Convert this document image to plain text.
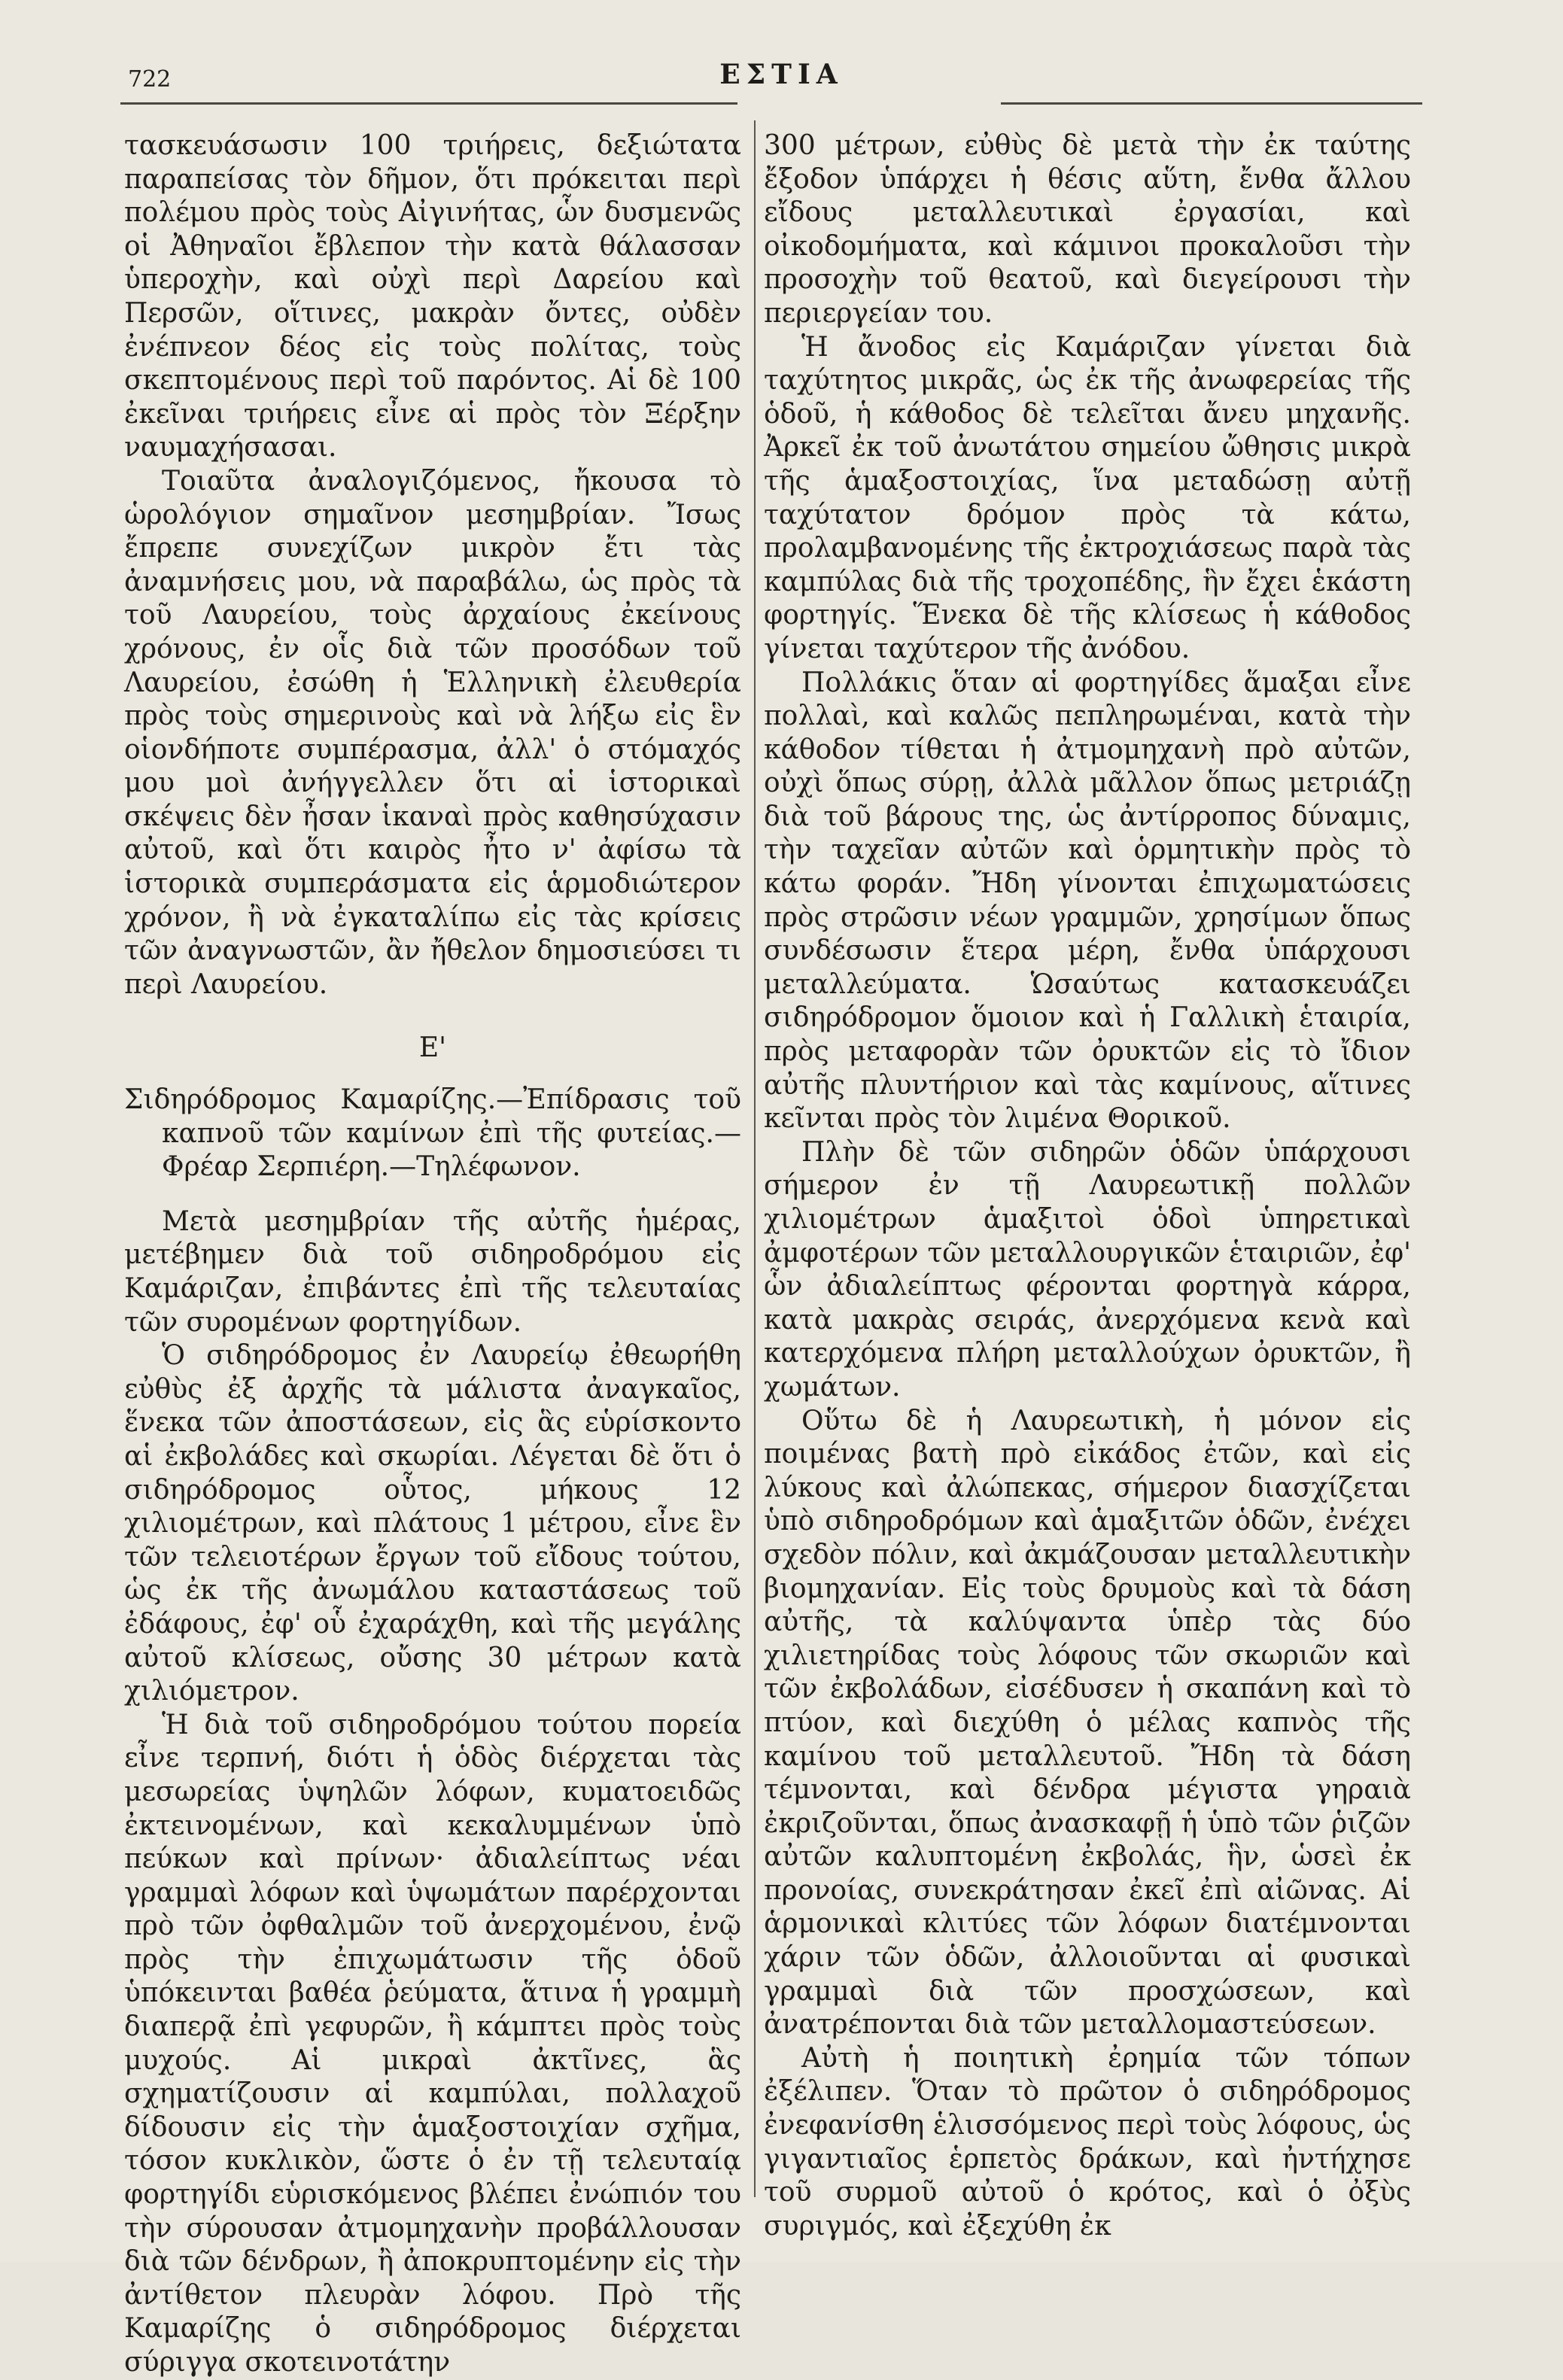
722	ΕΣΤΙΑ

τασκευάσωσιν 100 τριήρεις, δεξιώτατα παραπείσας τὸν δῆμον, ὅτι πρόκειται περὶ πολέμου πρὸς τοὺς Αἰγινήτας, ὧν δυσμενῶς οἱ Ἀθηναῖοι ἔβλεπον τὴν κατὰ θάλασσαν ὑπεροχὴν, καὶ οὐχὶ περὶ Δαρείου καὶ Περσῶν, οἵτινες, μακρὰν ὄντες, οὐδὲν ἐνέπνεον δέος εἰς τοὺς πολίτας, τοὺς σκεπτομένους περὶ τοῦ παρόντος. Αἱ δὲ 100 ἐκεῖναι τριήρεις εἶνε αἱ πρὸς τὸν Ξέρξην ναυμαχήσασαι.

Τοιαῦτα ἀναλογιζόμενος, ἤκουσα τὸ ὡρολόγιον σημαῖνον μεσημβρίαν. Ἴσως ἔπρεπε συνεχίζων μικρὸν ἔτι τὰς ἀναμνήσεις μου, νὰ παραβάλω, ὡς πρὸς τὰ τοῦ Λαυρείου, τοὺς ἀρχαίους ἐκείνους χρόνους, ἐν οἷς διὰ τῶν προσόδων τοῦ Λαυρείου, ἐσώθη ἡ Ἑλληνικὴ ἐλευθερία πρὸς τοὺς σημερινοὺς καὶ νὰ λήξω εἰς ἓν οἱονδήποτε συμπέρασμα, ἀλλ' ὁ στόμαχός μου μοὶ ἀνήγγελλεν ὅτι αἱ ἱστορικαὶ σκέψεις δὲν ἦσαν ἱκαναὶ πρὸς καθησύχασιν αὐτοῦ, καὶ ὅτι καιρὸς ἦτο ν' ἀφίσω τὰ ἱστορικὰ συμπεράσματα εἰς ἁρμοδιώτερον χρόνον, ἢ νὰ ἐγκαταλίπω εἰς τὰς κρίσεις τῶν ἀναγνωστῶν, ἂν ἤθελον δημοσιεύσει τι περὶ Λαυρείου.

Ε'

Σιδηρόδρομος Καμαρίζης.—Ἐπίδρασις τοῦ καπνοῦ τῶν καμίνων ἐπὶ τῆς φυτείας.—Φρέαρ Σερπιέρη.—Τηλέφωνον.

Μετὰ μεσημβρίαν τῆς αὐτῆς ἡμέρας, μετέβημεν διὰ τοῦ σιδηροδρόμου εἰς Καμάριζαν, ἐπιβάντες ἐπὶ τῆς τελευταίας τῶν συρομένων φορτηγίδων.

Ὁ σιδηρόδρομος ἐν Λαυρείῳ ἐθεωρήθη εὐθὺς ἐξ ἀρχῆς τὰ μάλιστα ἀναγκαῖος, ἕνεκα τῶν ἀποστάσεων, εἰς ἃς εὑρίσκοντο αἱ ἐκβολάδες καὶ σκωρίαι. Λέγεται δὲ ὅτι ὁ σιδηρόδρομος οὗτος, μήκους 12 χιλιομέτρων, καὶ πλάτους 1 μέτρου, εἶνε ἓν τῶν τελειοτέρων ἔργων τοῦ εἴδους τούτου, ὡς ἐκ τῆς ἀνωμάλου καταστάσεως τοῦ ἐδάφους, ἐφ' οὗ ἐχαράχθη, καὶ τῆς μεγάλης αὐτοῦ κλίσεως, οὔσης 30 μέτρων κατὰ χιλιόμετρον.

Ἡ διὰ τοῦ σιδηροδρόμου τούτου πορεία εἶνε τερπνή, διότι ἡ ὁδὸς διέρχεται τὰς μεσωρείας ὑψηλῶν λόφων, κυματοειδῶς ἐκτεινομένων, καὶ κεκαλυμμένων ὑπὸ πεύκων καὶ πρίνων· ἀδιαλείπτως νέαι γραμμαὶ λόφων καὶ ὑψωμάτων παρέρχονται πρὸ τῶν ὀφθαλμῶν τοῦ ἀνερχομένου, ἐνῷ πρὸς τὴν ἐπιχωμάτωσιν τῆς ὁδοῦ ὑπόκεινται βαθέα ῥεύματα, ἅτινα ἡ γραμμὴ διαπερᾷ ἐπὶ γεφυρῶν, ἢ κάμπτει πρὸς τοὺς μυχούς. Αἱ μικραὶ ἀκτῖνες, ἃς σχηματίζουσιν αἱ καμπύλαι, πολλαχοῦ δίδουσιν εἰς τὴν ἁμαξοστοιχίαν σχῆμα, τόσον κυκλικὸν, ὥστε ὁ ἐν τῇ τελευταίᾳ φορτηγίδι εὑρισκόμενος βλέπει ἐνώπιόν του τὴν σύρουσαν ἀτμομηχανὴν προβάλλουσαν διὰ τῶν δένδρων, ἢ ἀποκρυπτομένην εἰς τὴν ἀντίθετον πλευρὰν λόφου. Πρὸ τῆς Καμαρίζης ὁ σιδηρόδρομος διέρχεται σύριγγα σκοτεινοτάτην

300 μέτρων, εὐθὺς δὲ μετὰ τὴν ἐκ ταύτης ἔξοδον ὑπάρχει ἡ θέσις αὕτη, ἔνθα ἄλλου εἴδους μεταλλευτικαὶ ἐργασίαι, καὶ οἰκοδομήματα, καὶ κάμινοι προκαλοῦσι τὴν προσοχὴν τοῦ θεατοῦ, καὶ διεγείρουσι τὴν περιεργείαν του.

Ἡ ἄνοδος εἰς Καμάριζαν γίνεται διὰ ταχύτητος μικρᾶς, ὡς ἐκ τῆς ἀνωφερείας τῆς ὁδοῦ, ἡ κάθοδος δὲ τελεῖται ἄνευ μηχανῆς. Ἀρκεῖ ἐκ τοῦ ἀνωτάτου σημείου ὤθησις μικρὰ τῆς ἁμαξοστοιχίας, ἵνα μεταδώσῃ αὐτῇ ταχύτατον δρόμον πρὸς τὰ κάτω, προλαμβανομένης τῆς ἐκτροχιάσεως παρὰ τὰς καμπύλας διὰ τῆς τροχοπέδης, ἣν ἔχει ἑκάστη φορτηγίς. Ἕνεκα δὲ τῆς κλίσεως ἡ κάθοδος γίνεται ταχύτερον τῆς ἀνόδου.

Πολλάκις ὅταν αἱ φορτηγίδες ἅμαξαι εἶνε πολλαὶ, καὶ καλῶς πεπληρωμέναι, κατὰ τὴν κάθοδον τίθεται ἡ ἀτμομηχανὴ πρὸ αὐτῶν, οὐχὶ ὅπως σύρῃ, ἀλλὰ μᾶλλον ὅπως μετριάζῃ διὰ τοῦ βάρους της, ὡς ἀντίρροπος δύναμις, τὴν ταχεῖαν αὐτῶν καὶ ὁρμητικὴν πρὸς τὸ κάτω φοράν. Ἤδη γίνονται ἐπιχωματώσεις πρὸς στρῶσιν νέων γραμμῶν, χρησίμων ὅπως συνδέσωσιν ἕτερα μέρη, ἔνθα ὑπάρχουσι μεταλλεύματα. Ὡσαύτως κατασκευάζει σιδηρόδρομον ὅμοιον καὶ ἡ Γαλλικὴ ἑταιρία, πρὸς μεταφορὰν τῶν ὀρυκτῶν εἰς τὸ ἴδιον αὐτῆς πλυντήριον καὶ τὰς καμίνους, αἵτινες κεῖνται πρὸς τὸν λιμένα Θορικοῦ.

Πλὴν δὲ τῶν σιδηρῶν ὁδῶν ὑπάρχουσι σήμερον ἐν τῇ Λαυρεωτικῇ πολλῶν χιλιομέτρων ἁμαξιτοὶ ὁδοὶ ὑπηρετικαὶ ἀμφοτέρων τῶν μεταλλουργικῶν ἑταιριῶν, ἐφ' ὧν ἀδιαλείπτως φέρονται φορτηγὰ κάρρα, κατὰ μακρὰς σειράς, ἀνερχόμενα κενὰ καὶ κατερχόμενα πλήρη μεταλλούχων ὀρυκτῶν, ἢ χωμάτων.

Οὕτω δὲ ἡ Λαυρεωτικὴ, ἡ μόνον εἰς ποιμένας βατὴ πρὸ εἰκάδος ἐτῶν, καὶ εἰς λύκους καὶ ἀλώπεκας, σήμερον διασχίζεται ὑπὸ σιδηροδρόμων καὶ ἁμαξιτῶν ὁδῶν, ἐνέχει σχεδὸν πόλιν, καὶ ἀκμάζουσαν μεταλλευτικὴν βιομηχανίαν. Εἰς τοὺς δρυμοὺς καὶ τὰ δάση αὐτῆς, τὰ καλύψαντα ὑπὲρ τὰς δύο χιλιετηρίδας τοὺς λόφους τῶν σκωριῶν καὶ τῶν ἐκβολάδων, εἰσέδυσεν ἡ σκαπάνη καὶ τὸ πτύον, καὶ διεχύθη ὁ μέλας καπνὸς τῆς καμίνου τοῦ μεταλλευτοῦ. Ἤδη τὰ δάση τέμνονται, καὶ δένδρα μέγιστα γηραιὰ ἐκριζοῦνται, ὅπως ἀνασκαφῇ ἡ ὑπὸ τῶν ῥιζῶν αὐτῶν καλυπτομένη ἐκβολάς, ἣν, ὡσεὶ ἐκ προνοίας, συνεκράτησαν ἐκεῖ ἐπὶ αἰῶνας. Αἱ ἁρμονικαὶ κλιτύες τῶν λόφων διατέμνονται χάριν τῶν ὁδῶν, ἀλλοιοῦνται αἱ φυσικαὶ γραμμαὶ διὰ τῶν προσχώσεων, καὶ ἀνατρέπονται διὰ τῶν μεταλλομαστεύσεων.

Αὐτὴ ἡ ποιητικὴ ἐρημία τῶν τόπων ἐξέλιπεν. Ὅταν τὸ πρῶτον ὁ σιδηρόδρομος ἐνεφανίσθη ἑλισσόμενος περὶ τοὺς λόφους, ὡς γιγαντιαῖος ἑρπετὸς δράκων, καὶ ἠντήχησε τοῦ συρμοῦ αὐτοῦ ὁ κρότος, καὶ ὁ ὀξὺς συριγμός, καὶ ἐξεχύθη ἐκ
